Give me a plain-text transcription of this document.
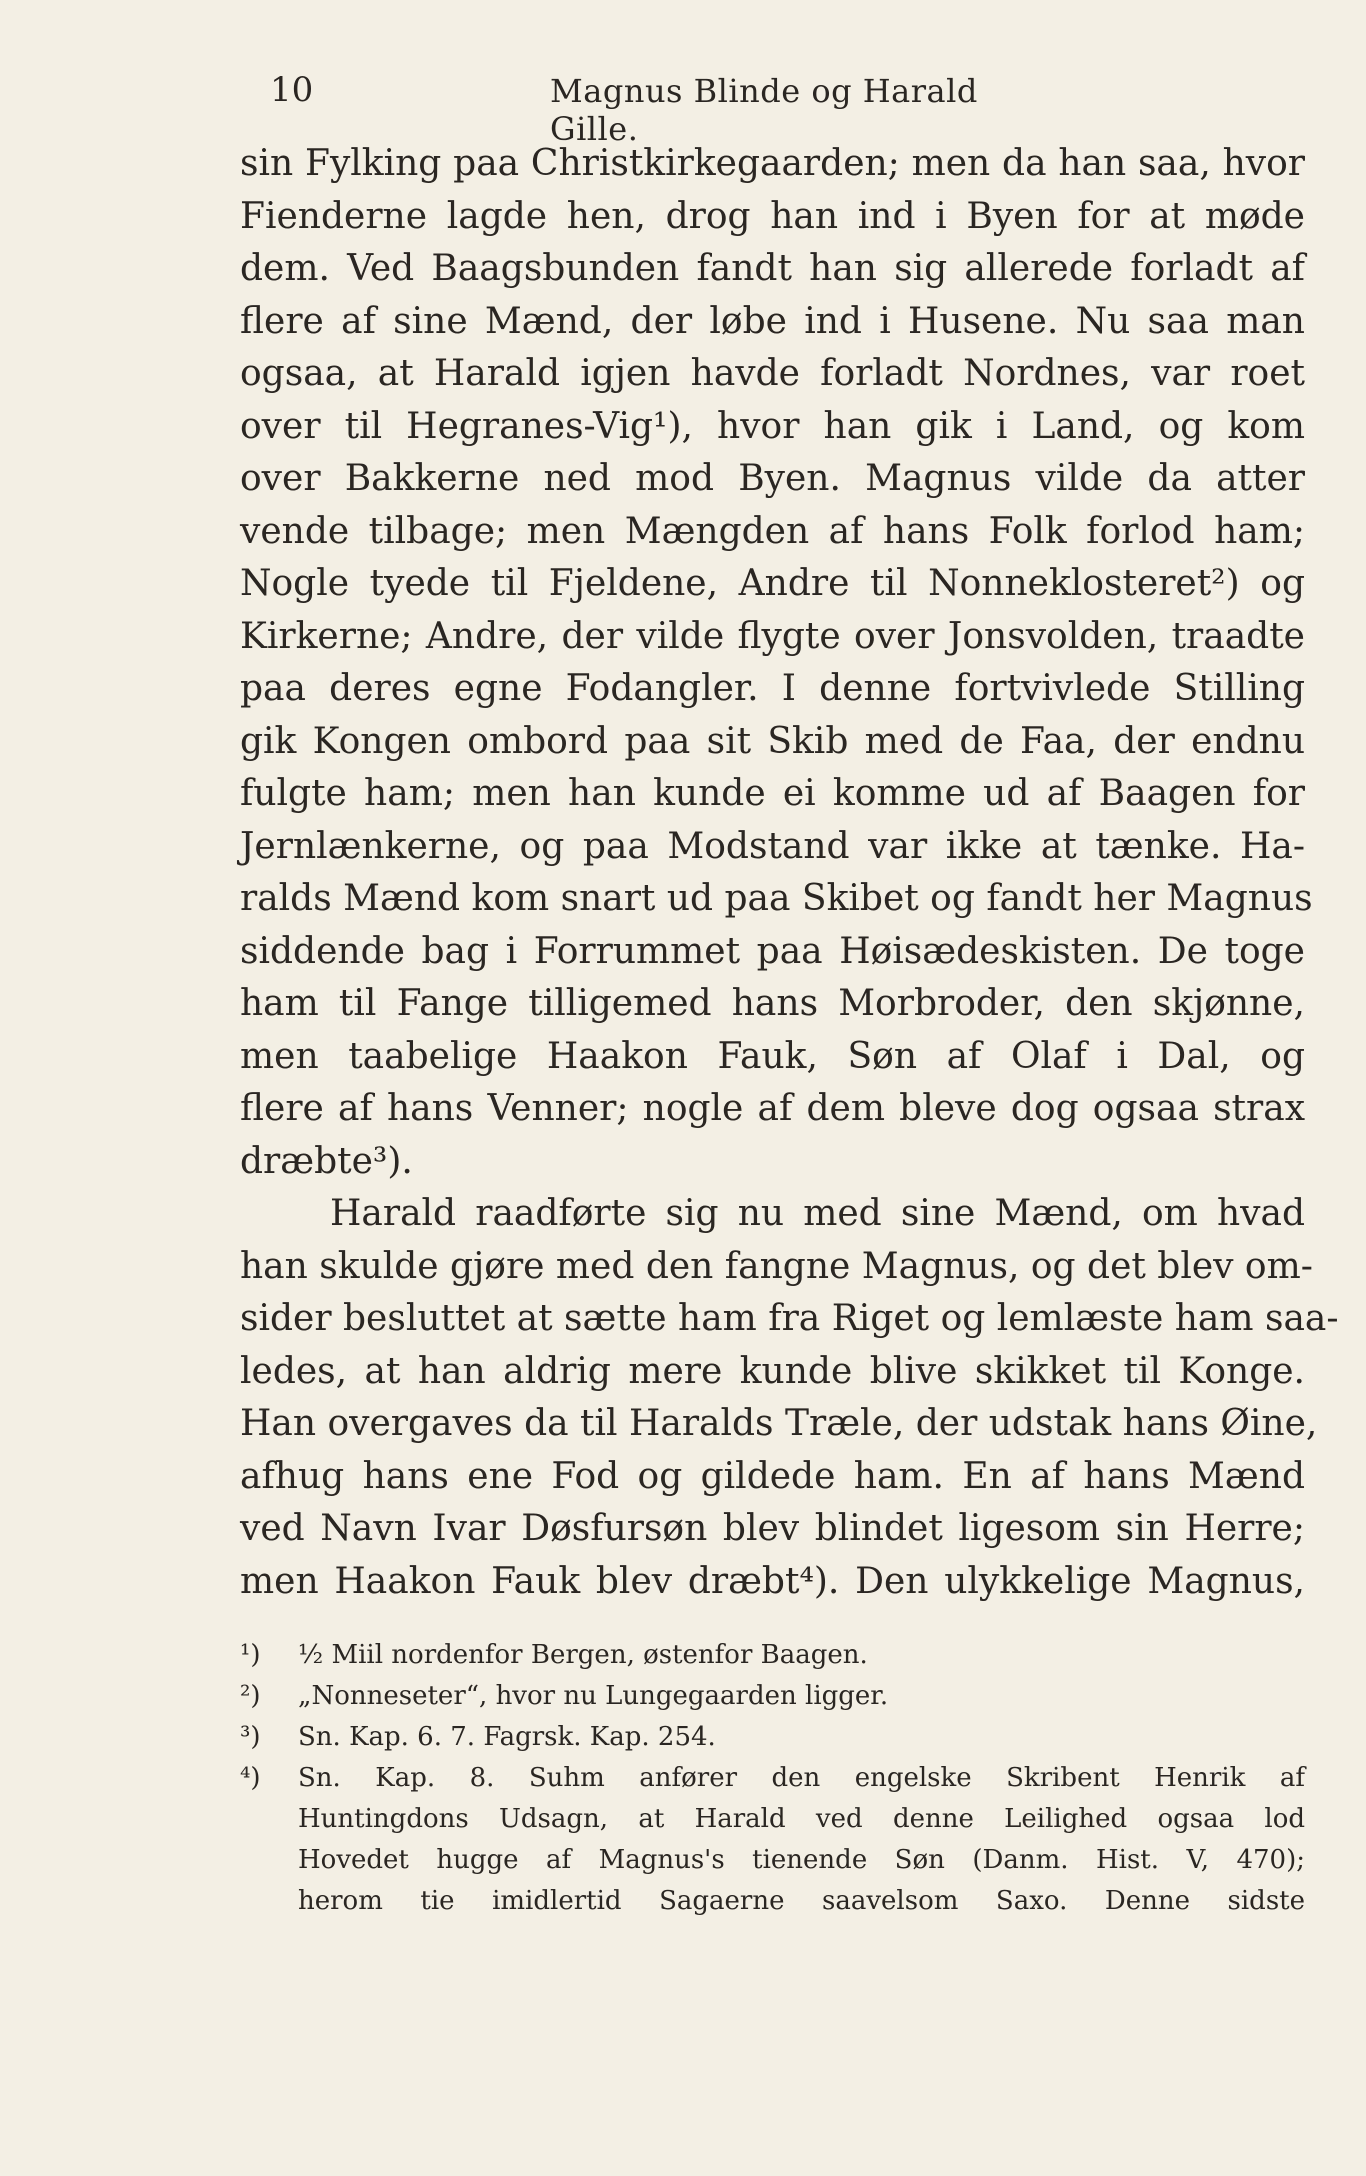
10	Magnus Blinde og Harald Gille.
sin Fylking paa Christkirkegaarden; men da han saa, hvor
Fienderne lagde hen, drog han ind i Byen for at møde
dem. Ved Baagsbunden fandt han sig allerede forladt af
flere af sine Mænd, der løbe ind i Husene. Nu saa man
ogsaa, at Harald igjen havde forladt Nordnes, var roet
over til Hegranes-Vig¹), hvor han gik i Land, og kom
over Bakkerne ned mod Byen. Magnus vilde da atter
vende tilbage; men Mængden af hans Folk forlod ham;
Nogle tyede til Fjeldene, Andre til Nonneklosteret²) og
Kirkerne; Andre, der vilde flygte over Jonsvolden, traadte
paa deres egne Fodangler. I denne fortvivlede Stilling
gik Kongen ombord paa sit Skib med de Faa, der endnu
fulgte ham; men han kunde ei komme ud af Baagen for
Jernlænkerne, og paa Modstand var ikke at tænke. Ha-
ralds Mænd kom snart ud paa Skibet og fandt her Magnus
siddende bag i Forrummet paa Høisædeskisten. De toge
ham til Fange tilligemed hans Morbroder, den skjønne,
men taabelige Haakon Fauk, Søn af Olaf i Dal, og
flere af hans Venner; nogle af dem bleve dog ogsaa strax
dræbte³).
Harald raadførte sig nu med sine Mænd, om hvad
han skulde gjøre med den fangne Magnus, og det blev om-
sider besluttet at sætte ham fra Riget og lemlæste ham saa-
ledes, at han aldrig mere kunde blive skikket til Konge.
Han overgaves da til Haralds Træle, der udstak hans Øine,
afhug hans ene Fod og gildede ham. En af hans Mænd
ved Navn Ivar Døsfursøn blev blindet ligesom sin Herre;
men Haakon Fauk blev dræbt⁴). Den ulykkelige Magnus,
¹) ½ Miil nordenfor Bergen, østenfor Baagen.
²) „Nonneseter“, hvor nu Lungegaarden ligger.
³) Sn. Kap. 6. 7. Fagrsk. Kap. 254.
⁴) Sn. Kap. 8. Suhm anfører den engelske Skribent Henrik af
Huntingdons Udsagn, at Harald ved denne Leilighed ogsaa lod
Hovedet hugge af Magnus's tienende Søn (Danm. Hist. V, 470);
herom tie imidlertid Sagaerne saavelsom Saxo. Denne sidste
